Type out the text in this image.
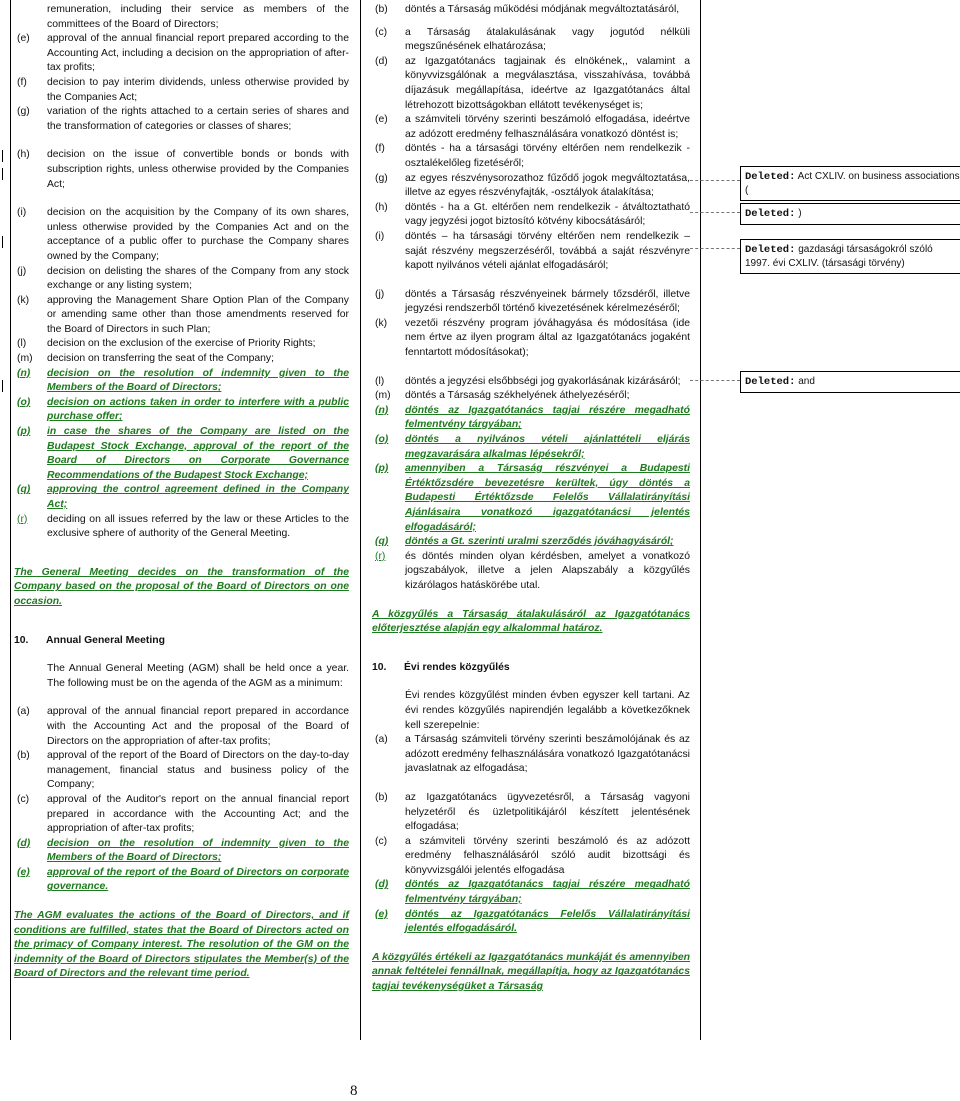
remuneration, including their service as members of the committees of the Board of Directors;
(e)	approval of the annual financial report prepared according to the Accounting Act, including a decision on the appropriation of after-tax profits;
(f)	decision to pay interim dividends, unless otherwise provided by the Companies Act;
(g)	variation of the rights attached to a certain series of shares and the transformation of categories or classes of shares;
(h)	decision on the issue of convertible bonds or bonds with subscription rights, unless otherwise provided by the Companies Act;
(i)	decision on the acquisition by the Company of its own shares, unless otherwise provided by the Companies Act and on the acceptance of a public offer to purchase the Company shares owned by the Company;
(j)	decision on delisting the shares of the Company from any stock exchange or any listing system;
(k)	approving the Management Share Option Plan of the Company or amending same other than those amendments reserved for the Board of Directors in such Plan;
(l)	decision on the exclusion of the exercise of Priority Rights;
(m)	decision on transferring the seat of the Company;
(n)	decision on the resolution of indemnity given to the Members of the Board of Directors;
(o)	decision on actions taken in order to interfere with a public purchase offer;
(p)	in case the shares of the Company are listed on the Budapest Stock Exchange, approval of the report of the Board of Directors on Corporate Governance Recommendations of the Budapest Stock Exchange;
(q)	approving the control agreement defined in the Company Act;
(r)	deciding on all issues referred by the law or these Articles to the exclusive sphere of authority of the General Meeting.
The General Meeting decides on the transformation of the Company based on the proposal of the Board of Directors on one occasion.
10.	Annual General Meeting
The Annual General Meeting (AGM) shall be held once a year. The following must be on the agenda of the AGM as a minimum:
(a)	approval of the annual financial report prepared in accordance with the Accounting Act and the proposal of the Board of Directors on the appropriation of after-tax profits;
(b)	approval of the report of the Board of Directors on the day-to-day management, financial status and business policy of the Company;
(c)	approval of the Auditor's report on the annual financial report prepared in accordance with the Accounting Act; and the appropriation of after-tax profits;
(d)	decision on the resolution of indemnity given to the Members of the Board of Directors;
(e)	approval of the report of the Board of Directors on corporate governance.
The AGM evaluates the actions of the Board of Directors, and if conditions are fulfilled, states that the Board of Directors acted on the primacy of Company interest. The resolution of the GM on the indemnity of the Board of Directors stipulates the Member(s) of the Board of Directors and the relevant time period.
(b)	döntés a Társaság működési módjának megváltoztatásáról,
(c)	a Társaság átalakulásának vagy jogutód nélküli megszűnésének elhatározása;
(d)	az Igazgatótanács tagjainak és elnökének,, valamint a könyvvizsgálónak a megválasztása, visszahívása, továbbá díjazásuk megállapítása, ideértve az Igazgatótanács által létrehozott bizottságokban ellátott tevékenységet is;
(e)	a számviteli törvény szerinti beszámoló elfogadása, ideértve az adózott eredmény felhasználására vonatkozó döntést is;
(f)	döntés - ha a társasági törvény eltérően nem rendelkezik - osztalékelőleg fizetéséről;
(g)	az egyes részvénysorozathoz fűződő jogok megváltoztatása, illetve az egyes részvényfajták, -osztályok átalakítása;
(h)	döntés - ha a Gt. eltérően nem rendelkezik - átváltoztatható vagy jegyzési jogot biztosító kötvény kibocsátásáról;
(i)	döntés – ha társasági törvény eltérően nem rendelkezik – saját részvény megszerzéséről, továbbá a saját részvényre kapott nyilvános vételi ajánlat elfogadásáról;
(j)	döntés a Társaság részvényeinek bármely tőzsdéről, illetve jegyzési rendszerből történő kivezetésének kérelmezéséről;
(k)	vezetői részvény program jóváhagyása és módosítása (ide nem értve az ilyen program által az Igazgatótanács jogaként fenntartott módosításokat);
(l)	döntés a jegyzési elsőbbségi jog gyakorlásának kizárásáról;
(m)	döntés a Társaság székhelyének áthelyezéséről;
(n)	döntés az Igazgatótanács tagjai részére megadható felmentvény tárgyában;
(o)	döntés a nyilvános vételi ajánlattételi eljárás megzavarására alkalmas lépésekről;
(p)	amennyiben a Társaság részvényei a Budapesti Értéktőzsdére bevezetésre kerültek, úgy döntés a Budapesti Értéktőzsde Felelős Vállalatirányítási Ajánlásaira vonatkozó igazgatótanácsi jelentés elfogadásáról;
(q)	döntés a Gt. szerinti uralmi szerződés jóváhagyásáról;
(r)	és döntés minden olyan kérdésben, amelyet a vonatkozó jogszabályok, illetve a jelen Alapszabály a közgyűlés kizárólagos hatáskörébe utal.
A közgyűlés a Társaság átalakulásáról az Igazgatótanács előterjesztése alapján egy alkalommal határoz.
10.	Évi rendes közgyűlés
Évi rendes közgyűlést minden évben egyszer kell tartani. Az évi rendes közgyűlés napirendjén legalább a következőknek kell szerepelnie:
(a)	a Társaság számviteli törvény szerinti beszámolójának és az adózott eredmény felhasználására vonatkozó Igazgatótanácsi javaslatnak az elfogadása;
(b)	az Igazgatótanács ügyvezetésről, a Társaság vagyoni helyzetéről és üzletpolitikájáról készített jelentésének elfogadása;
(c)	a számviteli törvény szerinti beszámoló és az adózott eredmény felhasználásáról szóló audit bizottsági és könyvvizsgálói jelentés elfogadása
(d)	döntés az Igazgatótanács tagjai részére megadható felmentvény tárgyában;
(e)	döntés az Igazgatótanács Felelős Vállalatirányítási jelentés elfogadásáról.
A közgyűlés értékeli az Igazgatótanács munkáját és amennyiben annak feltételei fennállnak, megállapítja, hogy az Igazgatótanács tagjai tevékenységüket a Társaság
Deleted: Act CXLIV. on business associations (
Deleted: )
Deleted: gazdasági társaságokról szóló 1997. évi CXLIV. (társasági törvény)
Deleted: and
8
